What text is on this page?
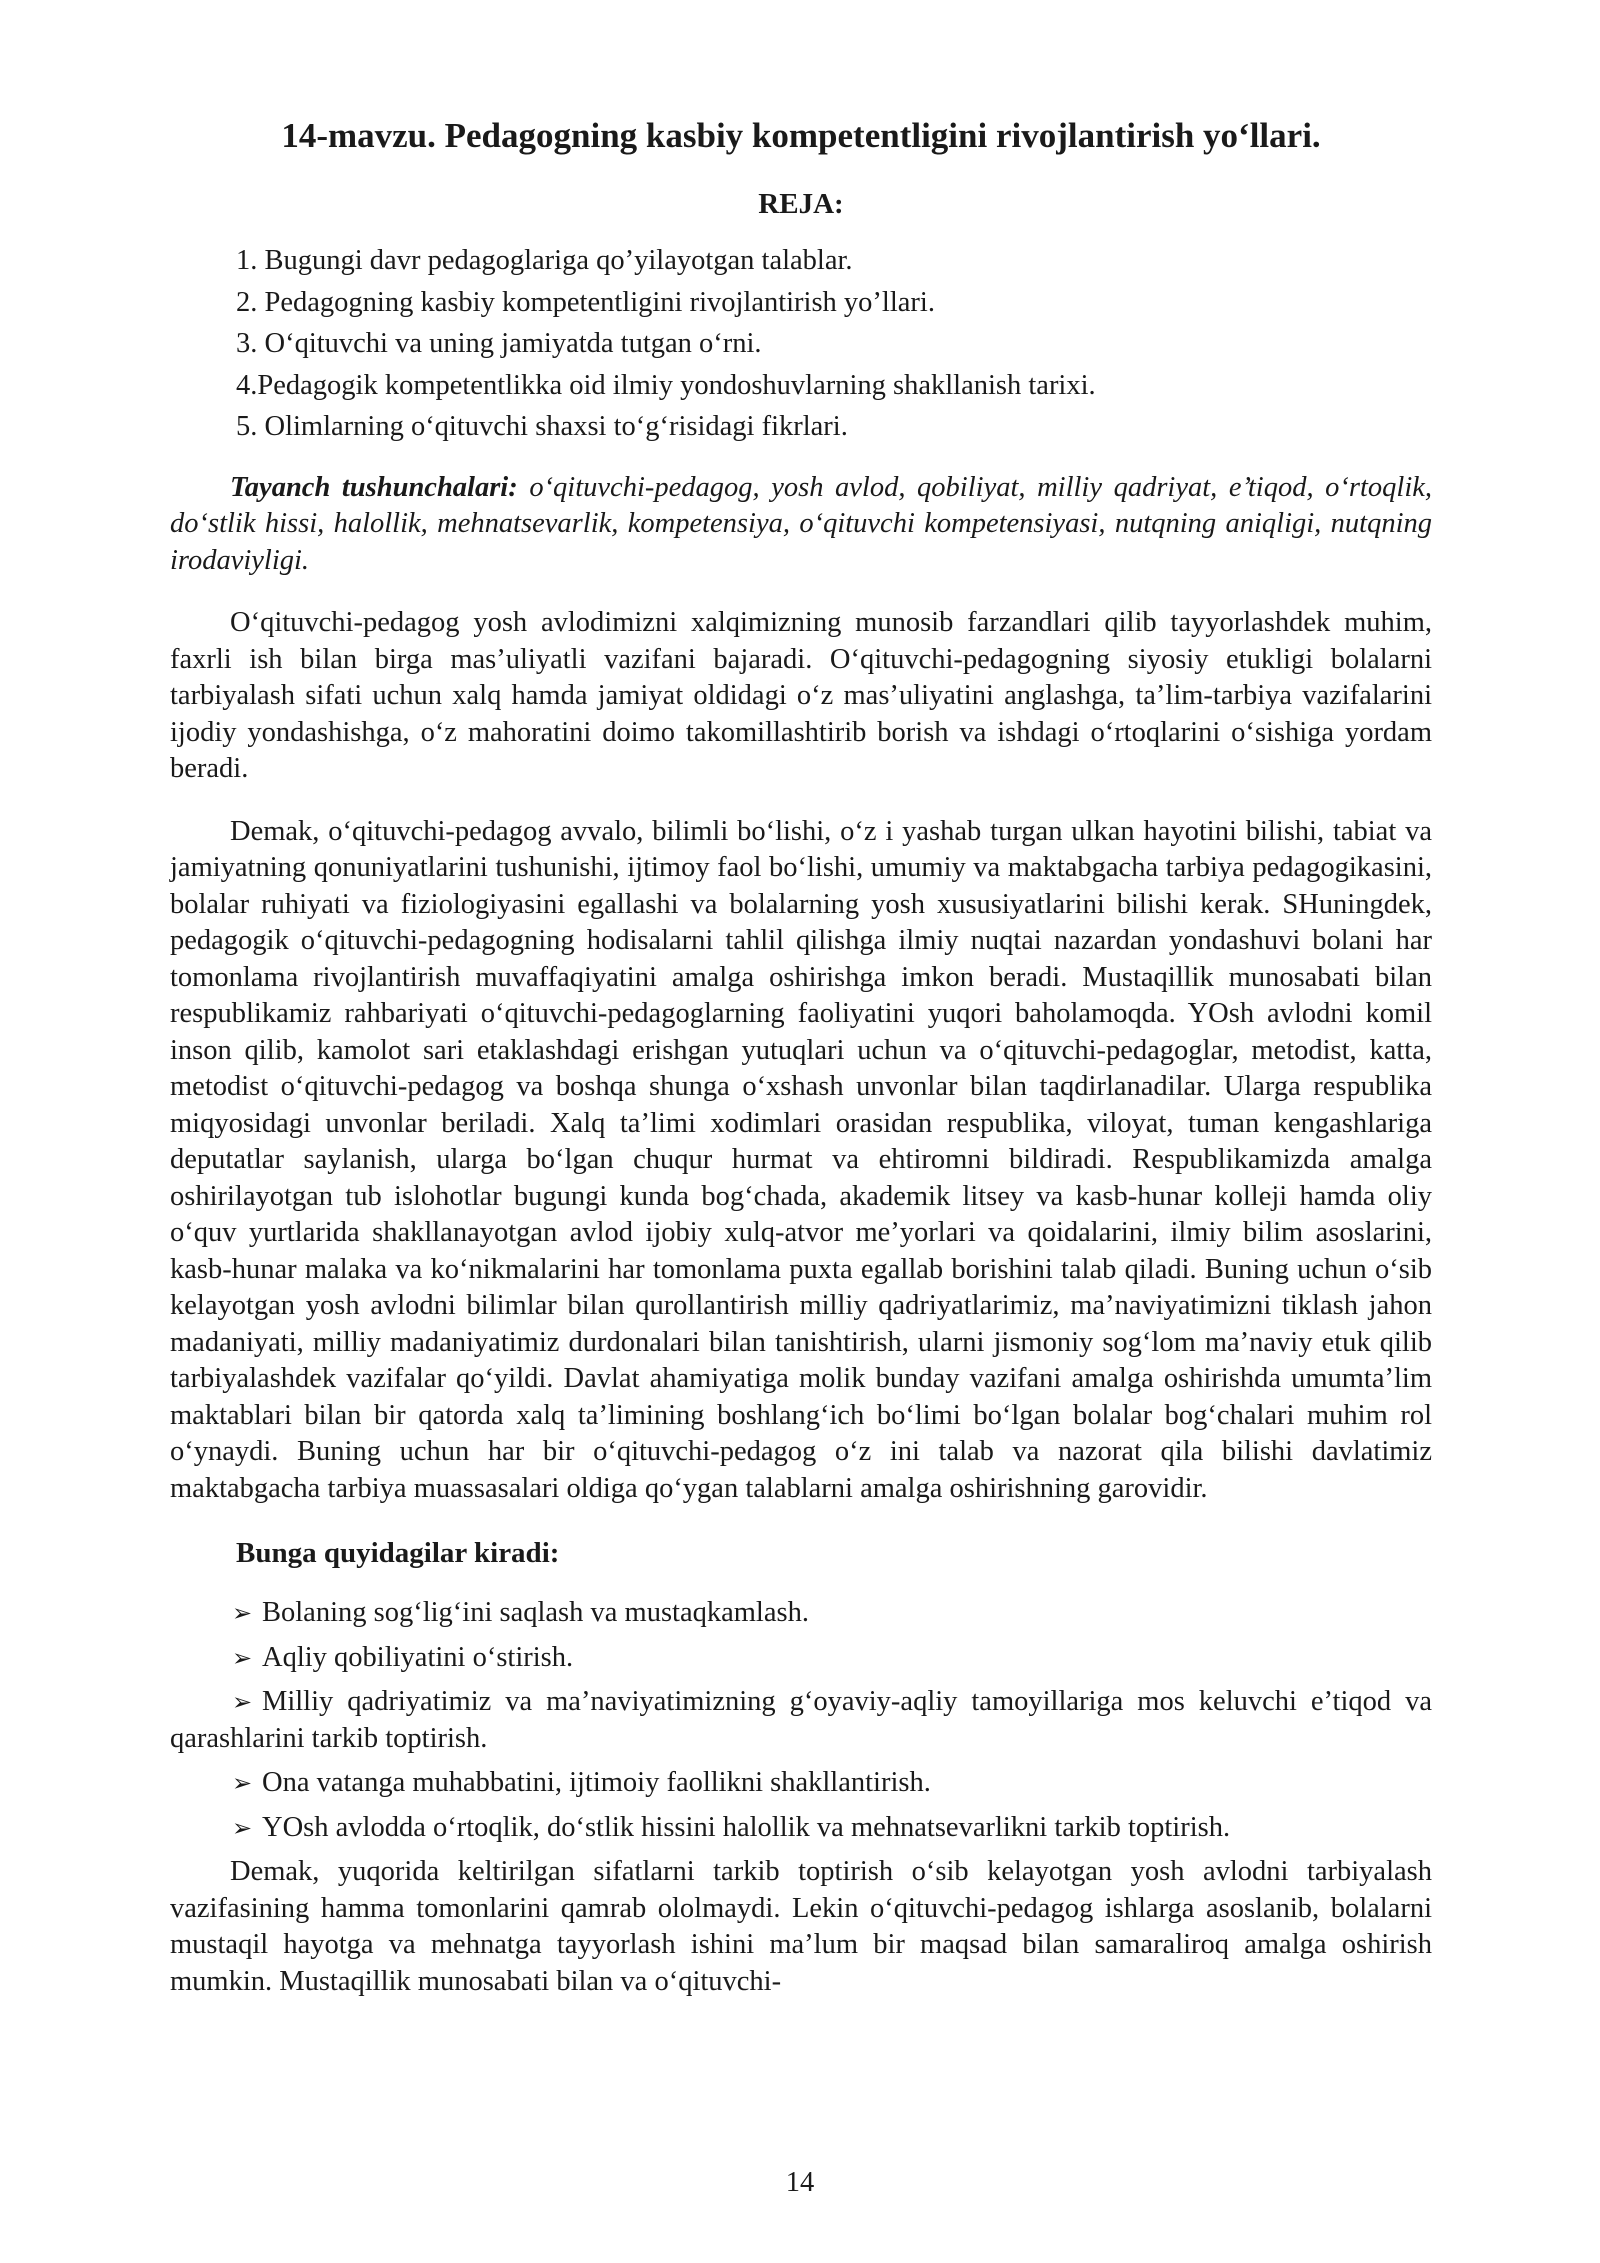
14-mavzu. Pedagogning kasbiy kompetentligini rivojlantirish yo‘llari.
REJA:
1. Bugungi davr pedagoglariga qo’yilayotgan talablar.
2. Pedagogning kasbiy kompetentligini rivojlantirish yo’llari.
3. O‘qituvchi va uning jamiyatda tutgan o‘rni.
4.Pedagogik kompetentlikka oid ilmiy yondoshuvlarning shakllanish tarixi.
5. Olimlarning o‘qituvchi shaxsi to‘g‘risidagi fikrlari.

Tayanch tushunchalari: o‘qituvchi-pedagog, yosh avlod, qobiliyat, milliy qadriyat, e’tiqod, o‘rtoqlik, do‘stlik hissi, halollik, mehnatsevarlik, kompetensiya, o‘qituvchi kompetensiyasi, nutqning aniqligi, nutqning irodaviyligi.

O‘qituvchi-pedagog yosh avlodimizni xalqimizning munosib farzandlari qilib tayyorlashdek muhim, faxrli ish bilan birga mas’uliyatli vazifani bajaradi. O‘qituvchi-pedagogning siyosiy etukligi bolalarni tarbiyalash sifati uchun xalq hamda jamiyat oldidagi o‘z mas’uliyatini anglashga, ta’lim-tarbiya vazifalarini ijodiy yondashishga, o‘z mahoratini doimo takomillashtirib borish va ishdagi o‘rtoqlarini o‘sishiga yordam beradi.

Demak, o‘qituvchi-pedagog avvalo, bilimli bo‘lishi, o‘z i yashab turgan ulkan hayotini bilishi, tabiat va jamiyatning qonuniyatlarini tushunishi, ijtimoy faol bo‘lishi, umumiy va maktabgacha tarbiya pedagogikasini, bolalar ruhiyati va fiziologiyasini egallashi va bolalarning yosh xususiyatlarini bilishi kerak. SHuningdek, pedagogik o‘qituvchi-pedagogning hodisalarni tahlil qilishga ilmiy nuqtai nazardan yondashuvi bolani har tomonlama rivojlantirish muvaffaqiyatini amalga oshirishga imkon beradi. Mustaqillik munosabati bilan respublikamiz rahbariyati o‘qituvchi-pedagoglarning faoliyatini yuqori baholamoqda. YOsh avlodni komil inson qilib, kamolot sari etaklashdagi erishgan yutuqlari uchun va o‘qituvchi-pedagoglar, metodist, katta, metodist o‘qituvchi-pedagog va boshqa shunga o‘xshash unvonlar bilan taqdirlanadilar. Ularga respublika miqyosidagi unvonlar beriladi. Xalq ta’limi xodimlari orasidan respublika, viloyat, tuman kengashlariga deputatlar saylanish, ularga bo‘lgan chuqur hurmat va ehtiromni bildiradi. Respublikamizda amalga oshirilayotgan tub islohotlar bugungi kunda bog‘chada, akademik litsey va kasb-hunar kolleji hamda oliy o‘quv yurtlarida shakllanayotgan avlod ijobiy xulq-atvor me’yorlari va qoidalarini, ilmiy bilim asoslarini, kasb-hunar malaka va ko‘nikmalarini har tomonlama puxta egallab borishini talab qiladi. Buning uchun o‘sib kelayotgan yosh avlodni bilimlar bilan qurollantirish milliy qadriyatlarimiz, ma’naviyatimizni tiklash jahon madaniyati, milliy madaniyatimiz durdonalari bilan tanishtirish, ularni jismoniy sog‘lom ma’naviy etuk qilib tarbiyalashdek vazifalar qo‘yildi. Davlat ahamiyatiga molik bunday vazifani amalga oshirishda umumta’lim maktablari bilan bir qatorda xalq ta’limining boshlang‘ich bo‘limi bo‘lgan bolalar bog‘chalari muhim rol o‘ynaydi. Buning uchun har bir o‘qituvchi-pedagog o‘z ini talab va nazorat qila bilishi davlatimiz maktabgacha tarbiya muassasalari oldiga qo‘ygan talablarni amalga oshirishning garovidir.

Bunga quyidagilar kiradi:
➢ Bolaning sog‘lig‘ini saqlash va mustaqkamlash.
➢ Aqliy qobiliyatini o‘stirish.
➢ Milliy qadriyatimiz va ma’naviyatimizning g‘oyaviy-aqliy tamoyillariga mos keluvchi e’tiqod va qarashlarini tarkib toptirish.
➢ Ona vatanga muhabbatini, ijtimoiy faollikni shakllantirish.
➢ YOsh avlodda o‘rtoqlik, do‘stlik hissini halollik va mehnatsevarlikni tarkib toptirish.

Demak, yuqorida keltirilgan sifatlarni tarkib toptirish o‘sib kelayotgan yosh avlodni tarbiyalash vazifasining hamma tomonlarini qamrab ololmaydi. Lekin o‘qituvchi-pedagog ishlarga asoslanib, bolalarni mustaqil hayotga va mehnatga tayyorlash ishini ma’lum bir maqsad bilan samaraliroq amalga oshirish mumkin. Mustaqillik munosabati bilan va o‘qituvchi-

14
